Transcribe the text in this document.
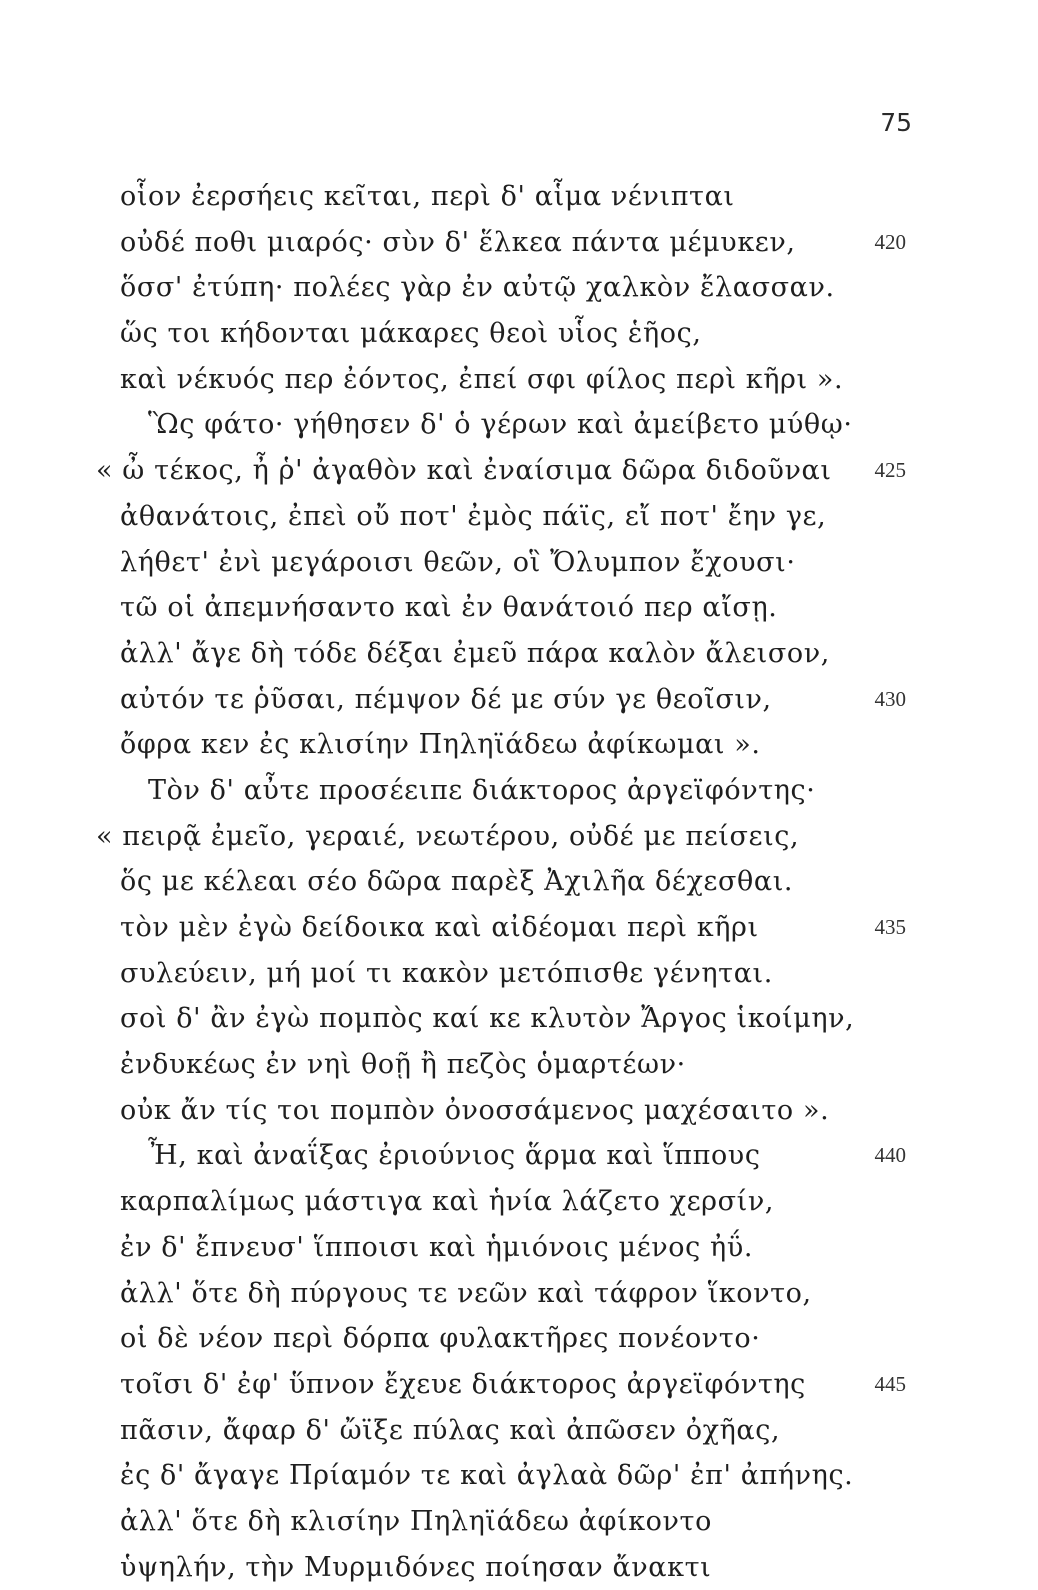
75
οἷον ἐερσήεις κεῖται, περὶ δ' αἷμα νένιπται
οὐδέ ποθι μιαρός· σὺν δ' ἕλκεα πάντα μέμυκεν,	420
ὅσσ' ἐτύπη· πολέες γὰρ ἐν αὐτῷ χαλκὸν ἔλασσαν.
ὥς τοι κήδονται μάκαρες θεοὶ υἷος ἑῆος,
καὶ νέκυός περ ἐόντος, ἐπεί σφι φίλος περὶ κῆρι ».
Ὣς φάτο· γήθησεν δ' ὁ γέρων καὶ ἀμείβετο μύθῳ·
« ὦ τέκος, ἦ ῥ' ἀγαθὸν καὶ ἐναίσιμα δῶρα διδοῦναι	425
ἀθανάτοις, ἐπεὶ οὔ ποτ' ἐμὸς πάϊς, εἴ ποτ' ἔην γε,
λήθετ' ἐνὶ μεγάροισι θεῶν, οἳ Ὄλυμπον ἔχουσι·
τῶ οἱ ἀπεμνήσαντο καὶ ἐν θανάτοιό περ αἴσῃ.
ἀλλ' ἄγε δὴ τόδε δέξαι ἐμεῦ πάρα καλὸν ἄλεισον,
αὐτόν τε ῥῦσαι, πέμψον δέ με σύν γε θεοῖσιν,	430
ὄφρα κεν ἐς κλισίην Πηληϊάδεω ἀφίκωμαι ».
Τὸν δ' αὖτε προσέειπε διάκτορος ἀργεϊφόντης·
« πειρᾷ ἐμεῖο, γεραιέ, νεωτέρου, οὐδέ με πείσεις,
ὅς με κέλεαι σέο δῶρα παρὲξ Ἀχιλῆα δέχεσθαι.
τὸν μὲν ἐγὼ δείδοικα καὶ αἰδέομαι περὶ κῆρι	435
συλεύειν, μή μοί τι κακὸν μετόπισθε γένηται.
σοὶ δ' ἂν ἐγὼ πομπὸς καί κε κλυτὸν Ἄργος ἱκοίμην,
ἐνδυκέως ἐν νηὶ θοῇ ἢ πεζὸς ὁμαρτέων·
οὐκ ἄν τίς τοι πομπὸν ὀνοσσάμενος μαχέσαιτο ».
Ἦ, καὶ ἀναΐξας ἐριούνιος ἅρμα καὶ ἵππους	440
καρπαλίμως μάστιγα καὶ ἡνία λάζετο χερσίν,
ἐν δ' ἔπνευσ' ἵπποισι καὶ ἡμιόνοις μένος ἠΰ.
ἀλλ' ὅτε δὴ πύργους τε νεῶν καὶ τάφρον ἵκοντο,
οἱ δὲ νέον περὶ δόρπα φυλακτῆρες πονέοντο·
τοῖσι δ' ἐφ' ὕπνον ἔχευε διάκτορος ἀργεϊφόντης	445
πᾶσιν, ἄφαρ δ' ὤϊξε πύλας καὶ ἀπῶσεν ὀχῆας,
ἐς δ' ἄγαγε Πρίαμόν τε καὶ ἀγλαὰ δῶρ' ἐπ' ἀπήνης.
ἀλλ' ὅτε δὴ κλισίην Πηληϊάδεω ἀφίκοντο
ὑψηλήν, τὴν Μυρμιδόνες ποίησαν ἄνακτι
